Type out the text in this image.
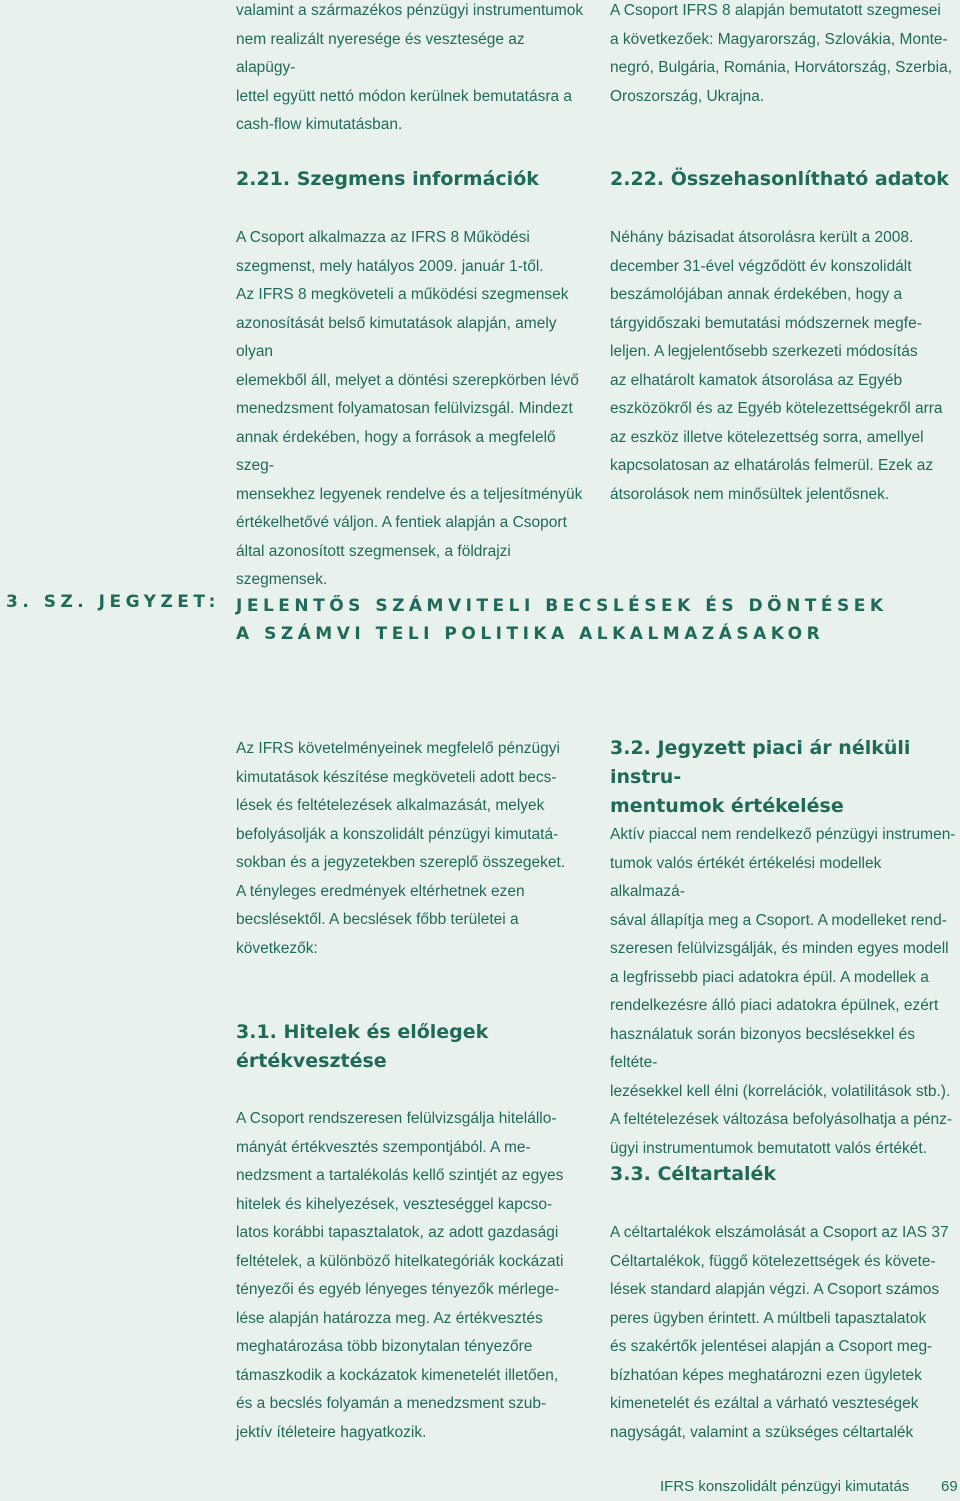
valamint a származékos pénzügyi instrumentumok

nem realizált nyeresége és vesztesége az alapügy-

lettel együtt nettó módon kerülnek bemutatásra a

cash-flow kimutatásban.

A Csoport IFRS 8 alapján bemutatott szegmesei

a következőek: Magyarország, Szlovákia, Monte-

negró, Bulgária, Románia, Horvátország, Szerbia,

Oroszország, Ukrajna.

2.21. Szegmens információk

A Csoport alkalmazza az IFRS 8 Működési

szegmenst, mely hatályos 2009. január 1-től.

Az IFRS 8 megköveteli a működési szegmensek

azonosítását belső kimutatások alapján, amely olyan

elemekből áll, melyet a döntési szerepkörben lévő

menedzsment folyamatosan felülvizsgál. Mindezt

annak érdekében, hogy a források a megfelelő szeg-

mensekhez legyenek rendelve és a teljesítményük

értékelhetővé váljon. A fentiek alapján a Csoport

által azonosított szegmensek, a földrajzi szegmensek.

2.22. Összehasonlítható adatok

Néhány bázisadat átsorolásra került a 2008.

december 31-ével végződött év konszolidált

beszámolójában annak érdekében, hogy a

tárgyidőszaki bemutatási módszernek megfe-

leljen. A legjelentősebb szerkezeti módosítás

az elhatárolt kamatok átsorolása az Egyéb

eszközökről és az Egyéb kötelezettségekről arra

az eszköz illetve kötelezettség sorra, amellyel

kapcsolatosan az elhatárolás felmerül. Ezek az

átsorolások nem minősültek jelentősnek.

3. SZ. JEGYZET: JELENTŐS SZÁMVITELI BECSLÉSEK ÉS DÖNTÉSEK
A SZÁMVI TELI POLITIKA ALKALMAZÁSAKOR

Az IFRS követelményeinek megfelelő pénzügyi

kimutatások készítése megköveteli adott becs-

lések és feltételezések alkalmazását, melyek

befolyásolják a konszolidált pénzügyi kimutatá-

sokban és a jegyzetekben szereplő összegeket.

A tényleges eredmények eltérhetnek ezen

becslésektől. A becslések főbb területei a

következők:

3.1. Hitelek és előlegek
értékvesztése

A Csoport rendszeresen felülvizsgálja hitelállo-

mányát értékvesztés szempontjából. A me-

nedzsment a tartalékolás kellő szintjét az egyes

hitelek és kihelyezések, veszteséggel kapcso-

latos korábbi tapasztalatok, az adott gazdasági

feltételek, a különböző hitelkategóriák kockázati

tényezői és egyéb lényeges tényezők mérlege-

lése alapján határozza meg. Az értékvesztés

meghatározása több bizonytalan tényezőre

támaszkodik a kockázatok kimenetelét illetően,

és a becslés folyamán a menedzsment szub-

jektív ítéleteire hagyatkozik.

3.2. Jegyzett piaci ár nélküli instru-
mentumok értékelése

Aktív piaccal nem rendelkező pénzügyi instrumen-

tumok valós értékét értékelési modellek alkalmazá-

sával állapítja meg a Csoport. A modelleket rend-

szeresen felülvizsgálják, és minden egyes modell

a legfrissebb piaci adatokra épül. A modellek a

rendelkezésre álló piaci adatokra épülnek, ezért

használatuk során bizonyos becslésekkel és feltéte-

lezésekkel kell élni (korrelációk, volatilitások stb.).

A feltételezések változása befolyásolhatja a pénz-

ügyi instrumentumok bemutatott valós értékét.

3.3. Céltartalék

A céltartalékok elszámolását a Csoport az IAS 37

Céltartalékok, függő kötelezettségek és követe-

lések standard alapján végzi. A Csoport számos

peres ügyben érintett. A múltbeli tapasztalatok

és szakértők jelentései alapján a Csoport meg-

bízhatóan képes meghatározni ezen ügyletek

kimenetelét és ezáltal a várható veszteségek

nagyságát, valamint a szükséges céltartalék

IFRS konszolidált pénzügyi kimutatás 69
